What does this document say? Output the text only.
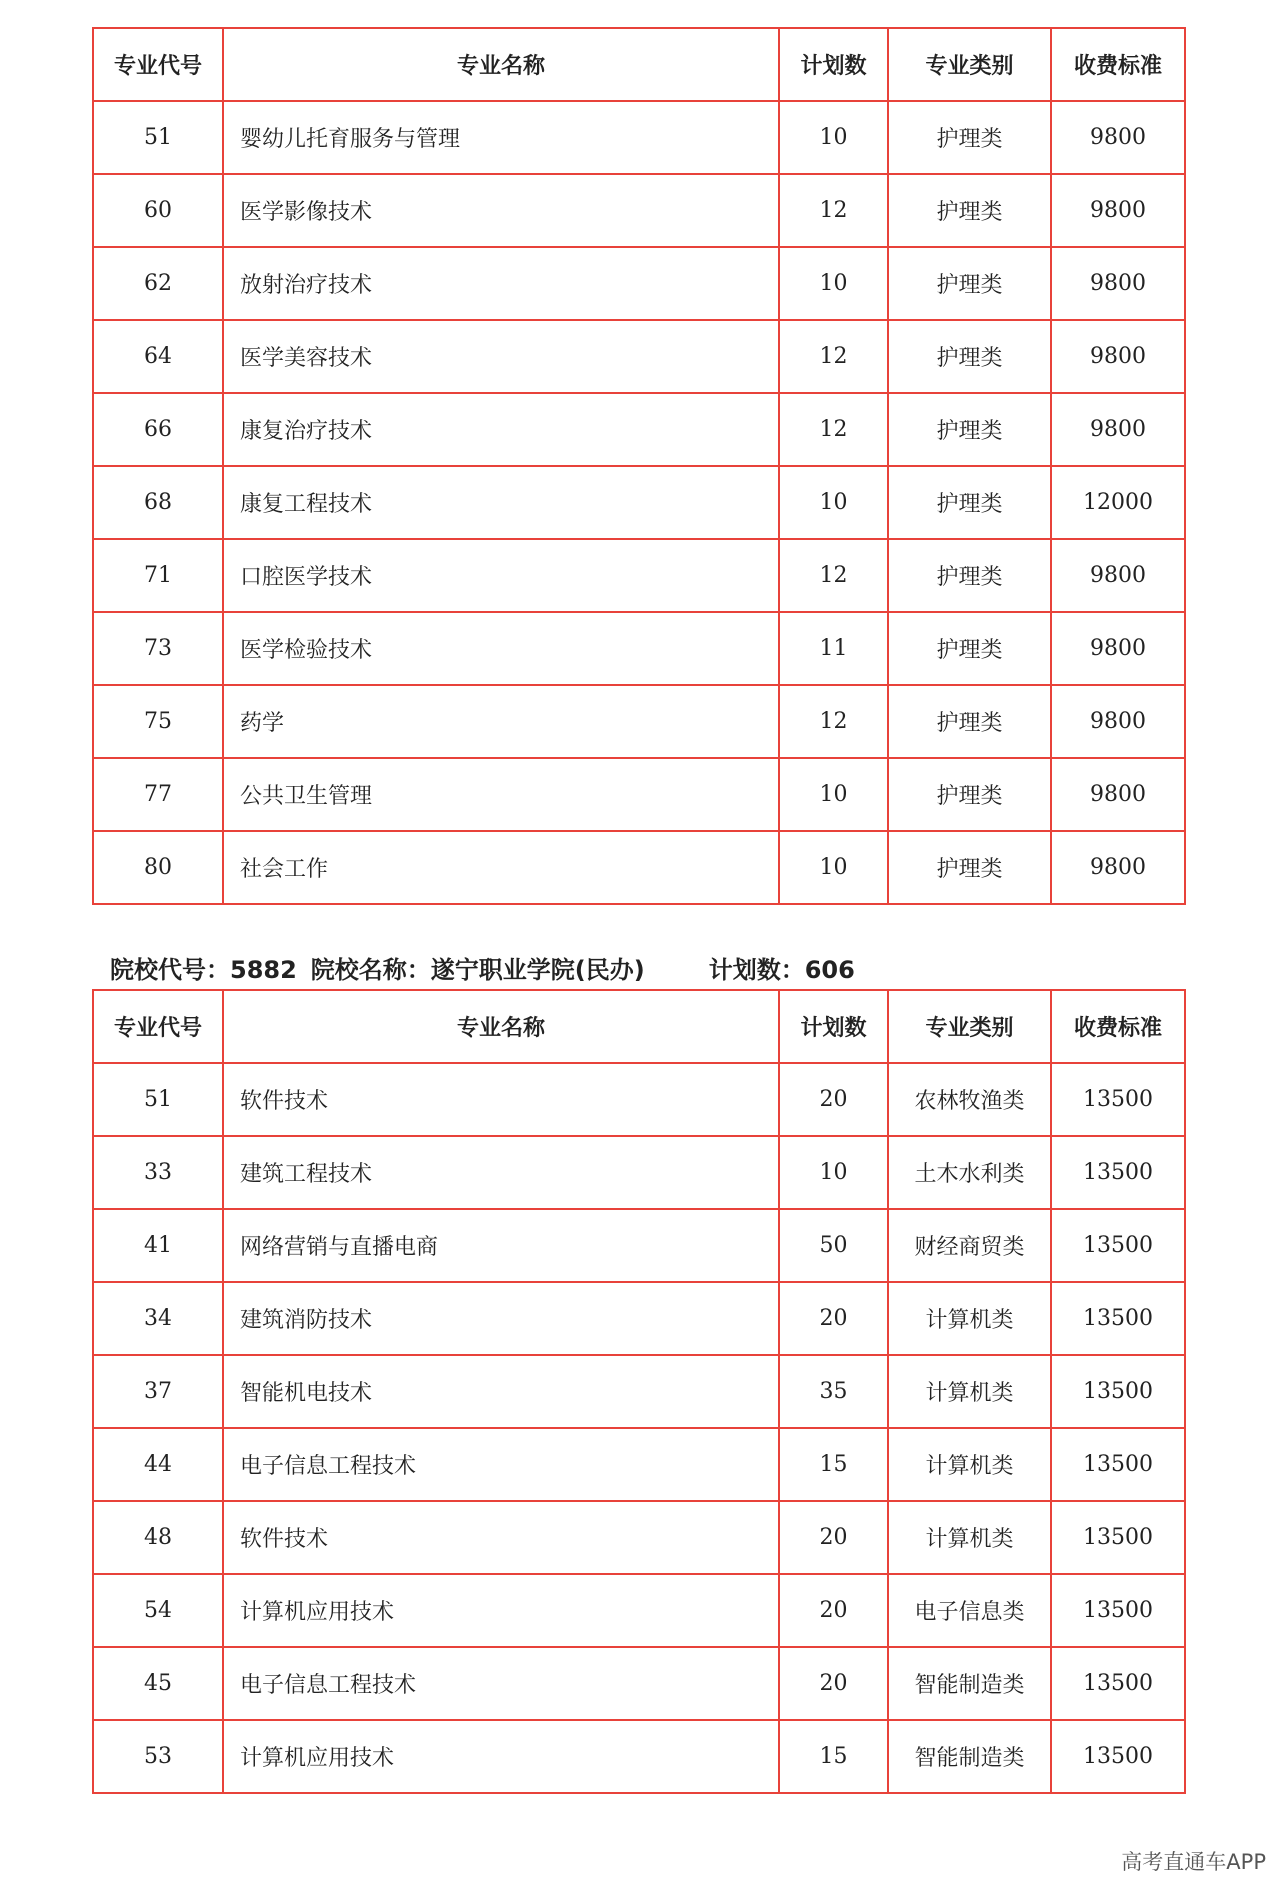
专业代号	专业名称	计划数	专业类别	收费标准
51	婴幼儿托育服务与管理	10	护理类	9800
60	医学影像技术	12	护理类	9800
62	放射治疗技术	10	护理类	9800
64	医学美容技术	12	护理类	9800
66	康复治疗技术	12	护理类	9800
68	康复工程技术	10	护理类	12000
71	口腔医学技术	12	护理类	9800
73	医学检验技术	11	护理类	9800
75	药学	12	护理类	9800
77	公共卫生管理	10	护理类	9800
80	社会工作	10	护理类	9800
院校代号：5882 院校名称：遂宁职业学院(民办)	计划数：606
专业代号	专业名称	计划数	专业类别	收费标准
51	软件技术	20	农林牧渔类	13500
33	建筑工程技术	10	土木水利类	13500
41	网络营销与直播电商	50	财经商贸类	13500
34	建筑消防技术	20	计算机类	13500
37	智能机电技术	35	计算机类	13500
44	电子信息工程技术	15	计算机类	13500
48	软件技术	20	计算机类	13500
54	计算机应用技术	20	电子信息类	13500
45	电子信息工程技术	20	智能制造类	13500
53	计算机应用技术	15	智能制造类	13500
高考直通车APP
